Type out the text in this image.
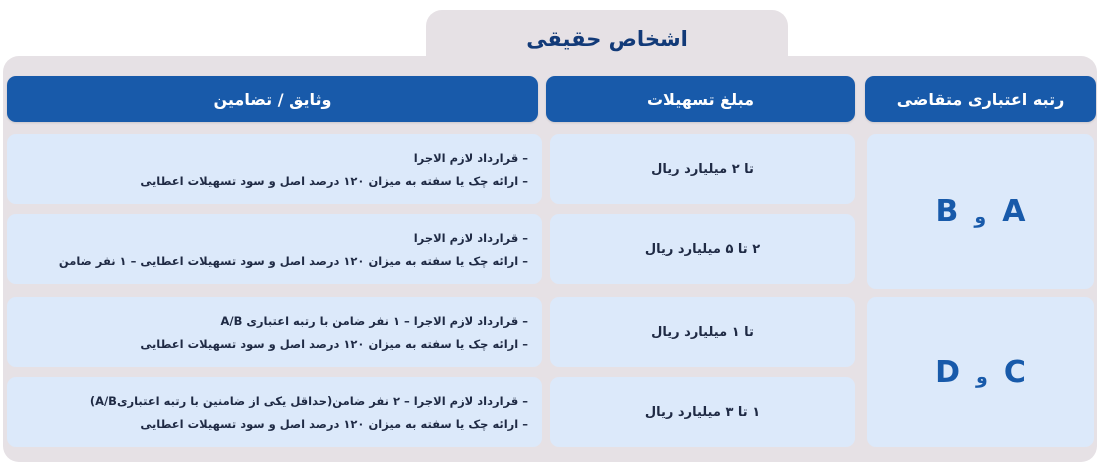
اشخاص حقیقی
رتبه اعتباری متقاضی
مبلغ تسهیلات
وثایق / تضامین
B و A
تا ۲ میلیارد ریال
– قرارداد لازم الاجرا
– ارائه چک یا سفته به میزان ۱۲۰ درصد اصل و سود تسهیلات اعطایی
۲ تا ۵ میلیارد ریال
– قرارداد لازم الاجرا
– ارائه چک یا سفته به میزان ۱۲۰ درصد اصل و سود تسهیلات اعطایی – ۱ نفر ضامن
D و C
تا ۱ میلیارد ریال
– قرارداد لازم الاجرا – ۱ نفر ضامن با رتبه اعتباری A/B
– ارائه چک یا سفته به میزان ۱۲۰ درصد اصل و سود تسهیلات اعطایی
۱ تا ۳ میلیارد ریال
– قرارداد لازم الاجرا – ۲ نفر ضامن(حداقل یکی از ضامنین با رتبه اعتباریA/B)
– ارائه چک یا سفته به میزان ۱۲۰ درصد اصل و سود تسهیلات اعطایی
